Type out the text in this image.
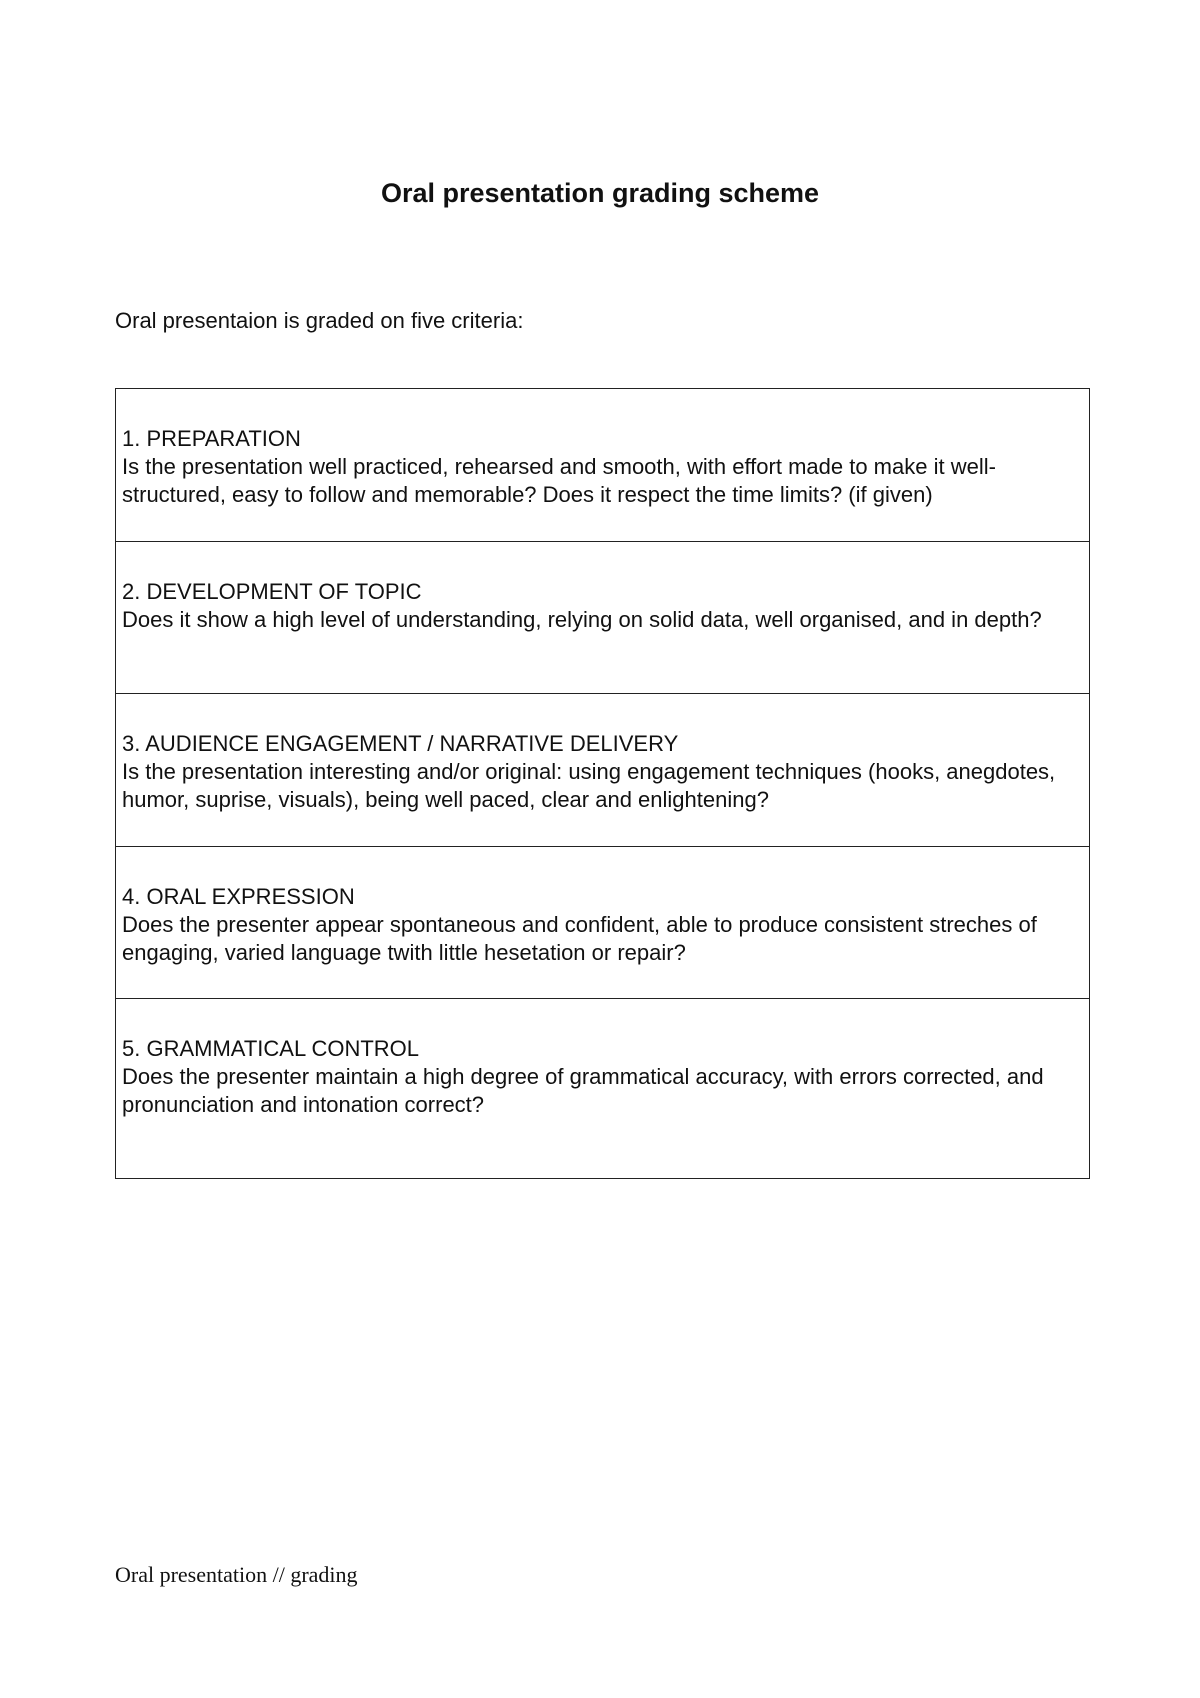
Oral presentation grading scheme

Oral presentaion is graded on five criteria:

1. PREPARATION
Is the presentation well practiced, rehearsed and smooth, with effort made to make it well-structured, easy to follow and memorable? Does it respect the time limits? (if given)

2. DEVELOPMENT OF TOPIC
Does it show a high level of understanding, relying on solid data, well organised, and in depth?

3. AUDIENCE ENGAGEMENT / NARRATIVE DELIVERY
Is the presentation interesting and/or original: using engagement techniques (hooks, anegdotes, humor, suprise, visuals), being well paced, clear and enlightening?

4. ORAL EXPRESSION
Does the presenter appear spontaneous and confident, able to produce consistent streches of engaging, varied language twith little hesetation or repair?

5. GRAMMATICAL CONTROL
Does the presenter maintain a high degree of grammatical accuracy, with errors corrected, and pronunciation and intonation correct?

Oral presentation // grading
